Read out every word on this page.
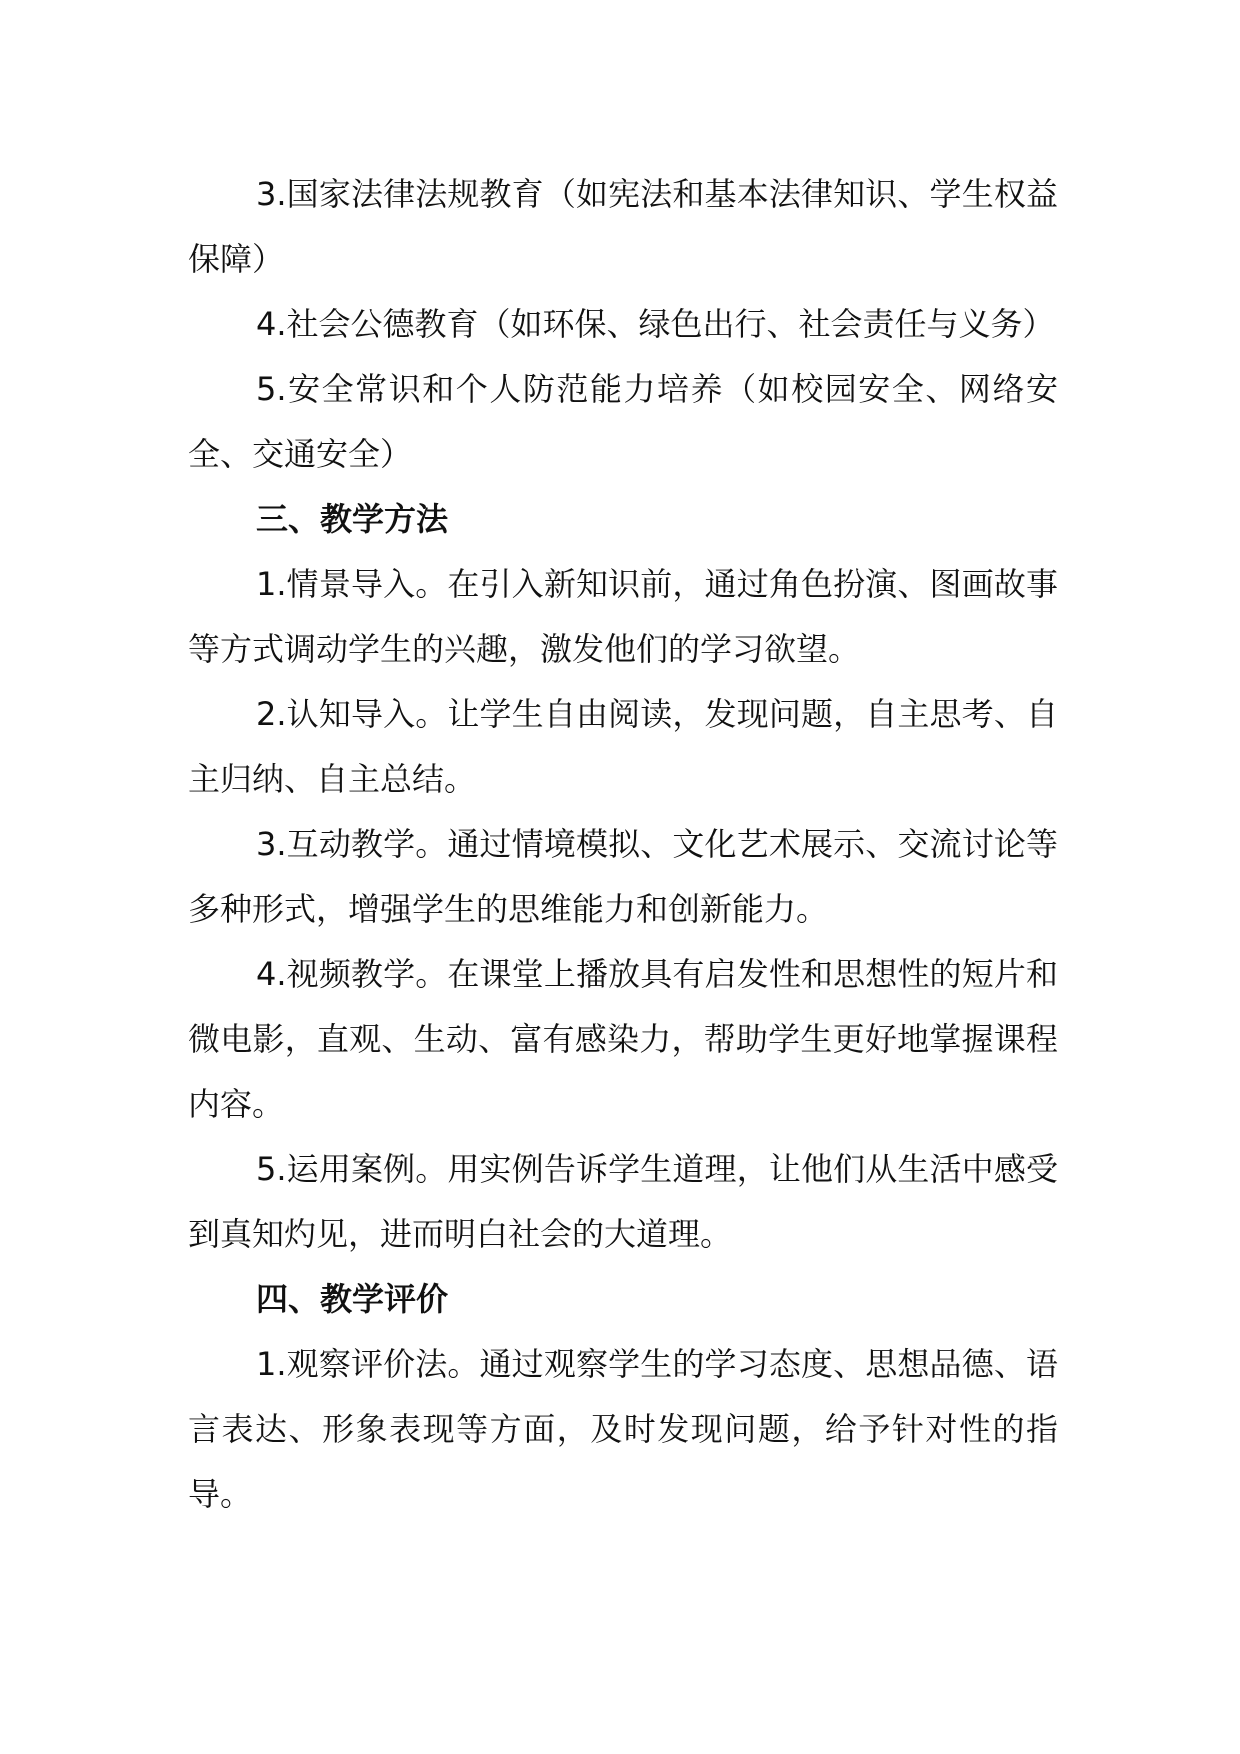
3.国家法律法规教育（如宪法和基本法律知识、学生权益保障）

4.社会公德教育（如环保、绿色出行、社会责任与义务）

5.安全常识和个人防范能力培养（如校园安全、网络安全、交通安全）

三、教学方法

1.情景导入。在引入新知识前，通过角色扮演、图画故事等方式调动学生的兴趣，激发他们的学习欲望。

2.认知导入。让学生自由阅读，发现问题，自主思考、自主归纳、自主总结。

3.互动教学。通过情境模拟、文化艺术展示、交流讨论等多种形式，增强学生的思维能力和创新能力。

4.视频教学。在课堂上播放具有启发性和思想性的短片和微电影，直观、生动、富有感染力，帮助学生更好地掌握课程内容。

5.运用案例。用实例告诉学生道理，让他们从生活中感受到真知灼见，进而明白社会的大道理。

四、教学评价

1.观察评价法。通过观察学生的学习态度、思想品德、语言表达、形象表现等方面，及时发现问题，给予针对性的指导。
